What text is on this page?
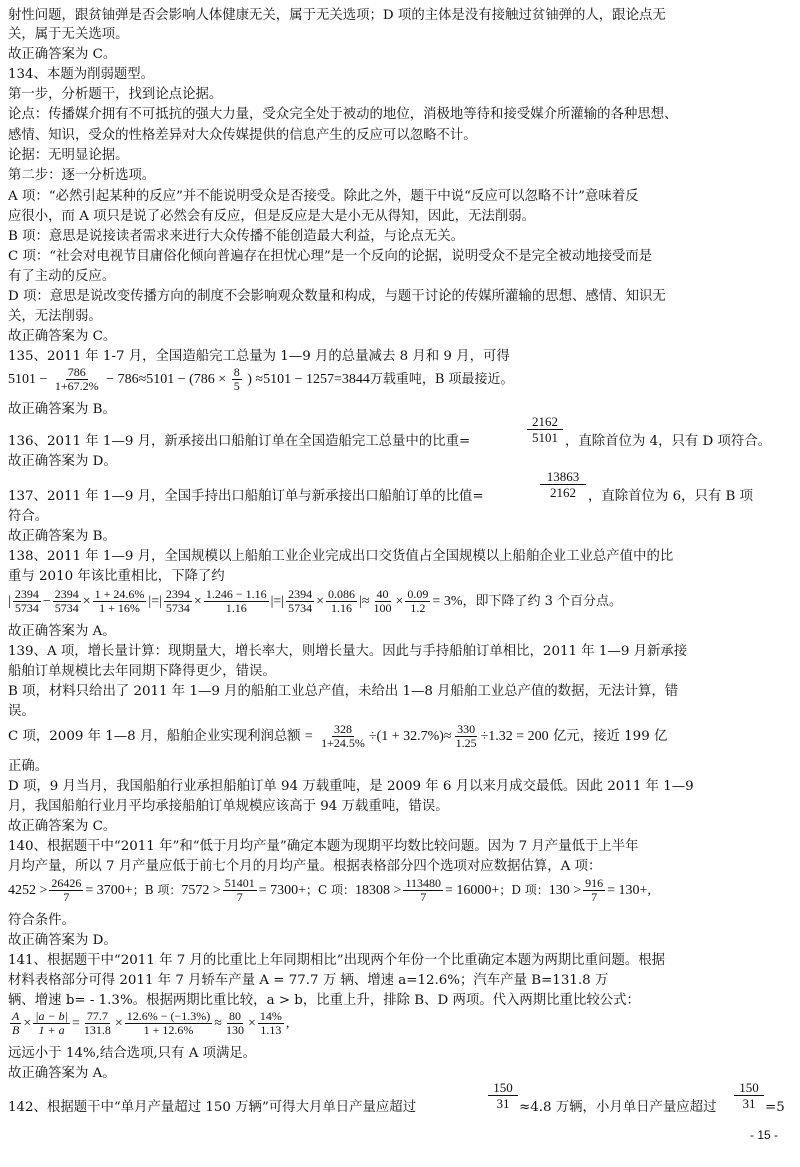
射性问题，跟贫铀弹是否会影响人体健康无关，属于无关选项；D 项的主体是没有接触过贫铀弹的人，跟论点无
关，属于无关选项。
故正确答案为 C。
134、本题为削弱题型。
第一步，分析题干，找到论点论据。
论点：传播媒介拥有不可抵抗的强大力量，受众完全处于被动的地位，消极地等待和接受媒介所灌输的各种思想、
感情、知识，受众的性格差异对大众传媒提供的信息产生的反应可以忽略不计。
论据：无明显论据。
第二步：逐一分析选项。
A 项：“必然引起某种的反应”并不能说明受众是否接受。除此之外，题干中说“反应可以忽略不计”意味着反
应很小，而 A 项只是说了必然会有反应，但是反应是大是小无从得知，因此，无法削弱。
B 项：意思是说接读者需求来进行大众传播不能创造最大利益，与论点无关。
C 项：“社会对电视节目庸俗化倾向普遍存在担忧心理”是一个反向的论据，说明受众不是完全被动地接受而是
有了主动的反应。
D 项：意思是说改变传播方向的制度不会影响观众数量和构成，与题干讨论的传媒所灌输的思想、感情、知识无
关，无法削弱。
故正确答案为 C。
135、2011 年 1-7 月，全国造船完工总量为 1—9 月的总量减去 8 月和 9 月，可得
$5101 - \frac{786}{1+67.2\%} - 786\approx 5101 - (786 \times \frac{8}{5}$ ) ≈5101 − 1257=3844万载重吨，B 项最接近。
故正确答案为 B。
$\frac{2162}{5101}$
136、2011 年 1—9 月，新承接出口船舶订单在全国造船完工总量中的比重=	，直除首位为 4，只有 D 项符合。
故正确答案为 D。
$\frac{13863}{2162}$
137、2011 年 1—9 月，全国手持出口船舶订单与新承接出口船舶订单的比值=	，直除首位为 6，只有 B 项
符合。
故正确答案为 B。
138、2011 年 1—9 月，全国规模以上船舶工业企业完成出口交货值占全国规模以上船舶企业工业总产值中的比
重与 2010 年该比重相比，下降了约
| $\frac{2394}{5734} - \frac{2394}{5734} \times \frac{1 + 24.6\%}{1 + 16\%}$ |=| $\frac{2394}{5734} \times \frac{1.246 - 1.16}{1.16}$ |=| $\frac{2394}{5734} \times \frac{0.086}{1.16}$ |≈ $\frac{40}{100} \times \frac{0.09}{1.2} = 3\%$，即下降了约 3 个百分点。
故正确答案为 A。
139、A 项，增长量计算：现期量大，增长率大，则增长量大。因此与手持船舶订单相比，2011 年 1—9 月新承接
船舶订单规模比去年同期下降得更少，错误。
B 项，材料只给出了 2011 年 1—9 月的船舶工业总产值，未给出 1—8 月船舶工业总产值的数据，无法计算，错
误。
C 项，2009 年 1—8 月，船舶企业实现利润总额 = $\frac{328}{1+24.5\%} \div(1 + 32.7\%)\approx \frac{330}{1.25} \div 1.32 = 200$ 亿元，接近 199 亿
正确。
D 项，9 月当月，我国船舶行业承担船舶订单 94 万载重吨，是 2009 年 6 月以来月成交最低。因此 2011 年 1—9
月，我国船舶行业月平均承接船舶订单规模应该高于 94 万载重吨，错误。
故正确答案为 C。
140、根据题干中“2011 年”和“低于月均产量”确定本题为现期平均数比较问题。因为 7 月产量低于上半年
月均产量，所以 7 月产量应低于前七个月的月均产量。根据表格部分四个选项对应数据估算，A 项：
$4252 > \frac{26426}{7} = 3700+$；B 项：$7572 > \frac{51401}{7} = 7300+$；C 项：$18308 > \frac{113480}{7} = 16000+$；D 项：$130 > \frac{916}{7} = 130+$,
符合条件。
故正确答案为 D。
141、根据题干中“2011 年 7 月的比重比上年同期相比”出现两个年份一个比重确定本题为两期比重问题。根据
材料表格部分可得 2011 年 7 月轿车产量 A = 77.7 万 辆、增速 a=12.6%；汽车产量 B=131.8 万
辆、增速 b= - 1.3%。根据两期比重比较，a > b，比重上升，排除 B、D 两项。代入两期比重比较公式：
$\frac{A}{B} \times \frac{|a - b|}{1 + a} = \frac{77.7}{131.8} \times \frac{12.6\% - (-1.3\%)}{1 + 12.6\%} \approx \frac{80}{130} \times \frac{14\%}{1.13}$ ,
远远小于 14%,结合选项,只有 A 项满足。
故正确答案为 A。
142、根据题干中“单月产量超过 150 万辆”可得大月单日产量应超过	$\frac{150}{31} \approx 4.8$ 万辆，小月单日产量应超过	$\frac{150}{31} =5$
- 15 -
